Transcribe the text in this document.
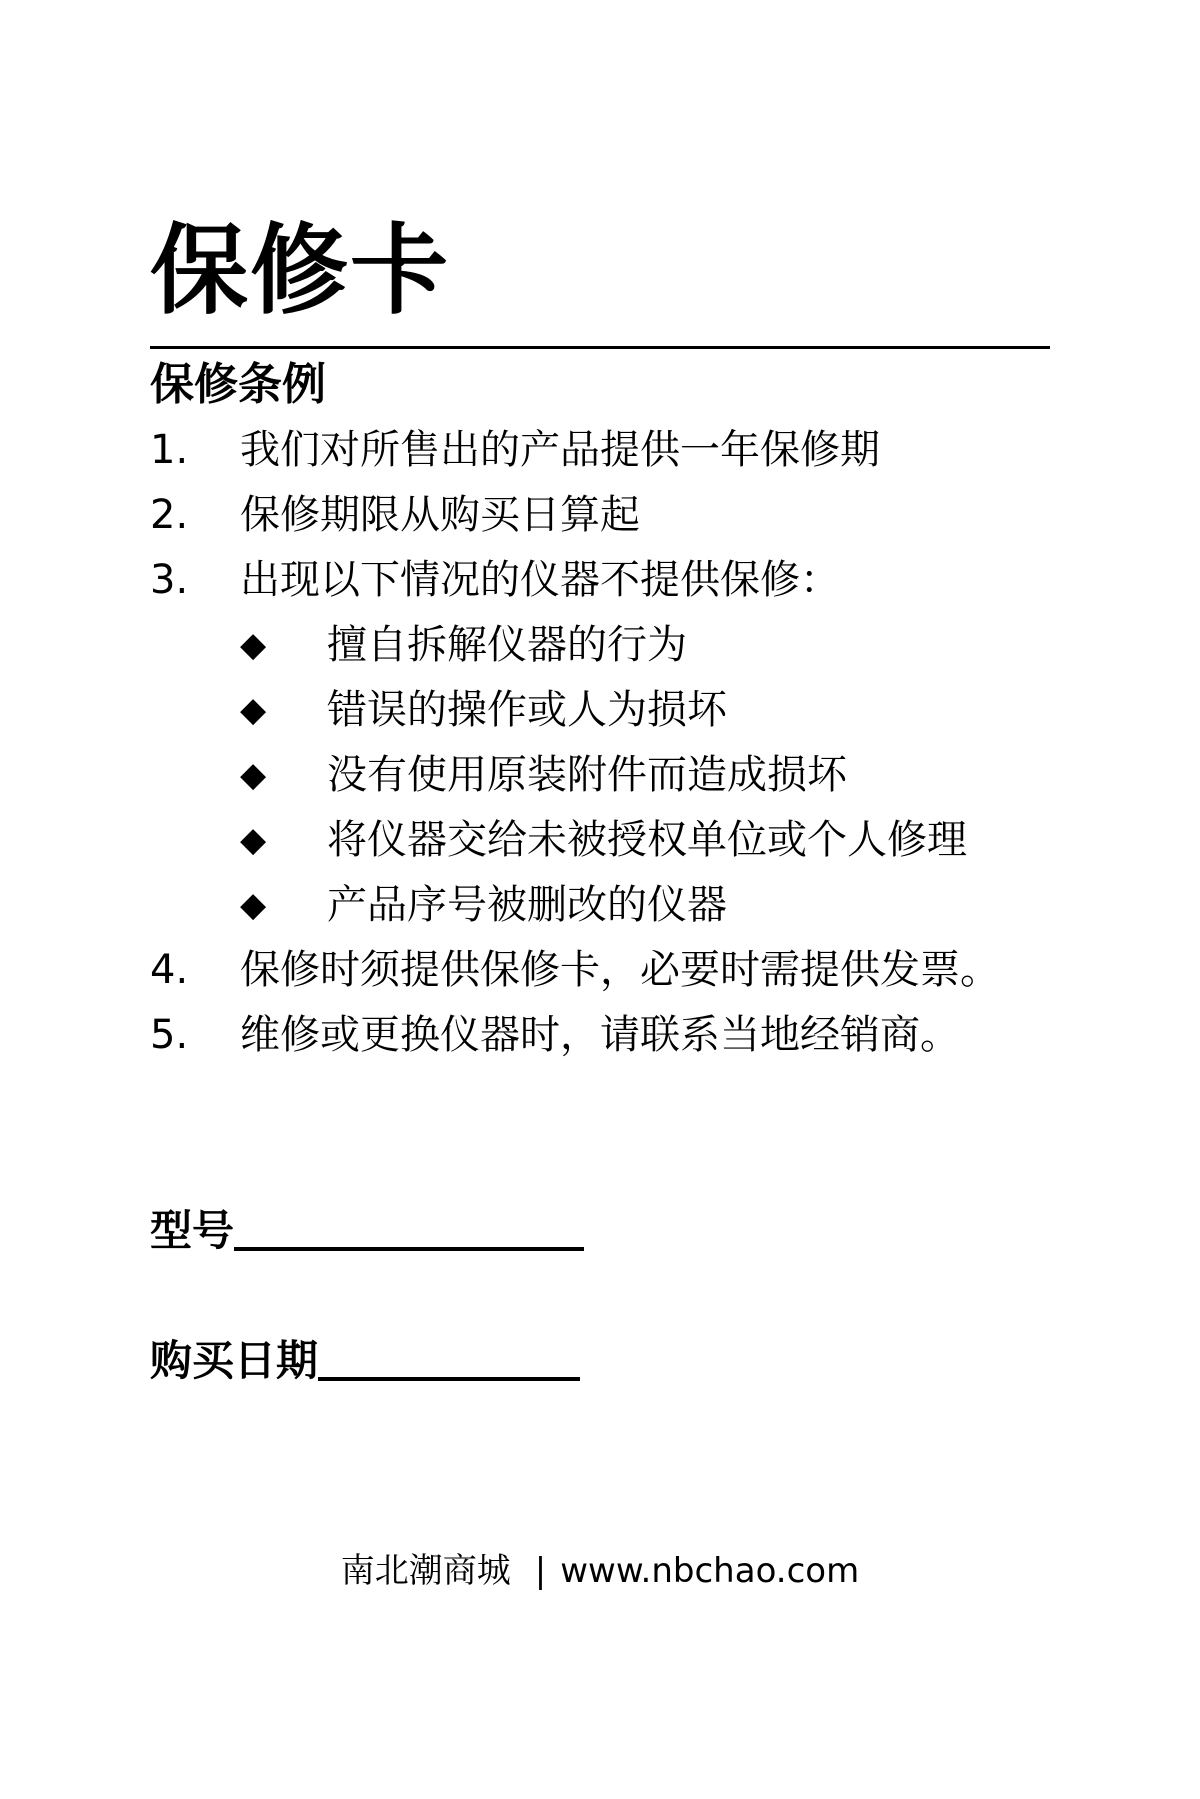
保修卡
保修条例
1. 我们对所售出的产品提供一年保修期
2. 保修期限从购买日算起
3. 出现以下情况的仪器不提供保修：
◆ 擅自拆解仪器的行为
◆ 错误的操作或人为损坏
◆ 没有使用原装附件而造成损坏
◆ 将仪器交给未被授权单位或个人修理
◆ 产品序号被删改的仪器
4. 保修时须提供保修卡，必要时需提供发票。
5. 维修或更换仪器时，请联系当地经销商。
型号
购买日期
南北潮商城 | www.nbchao.com
